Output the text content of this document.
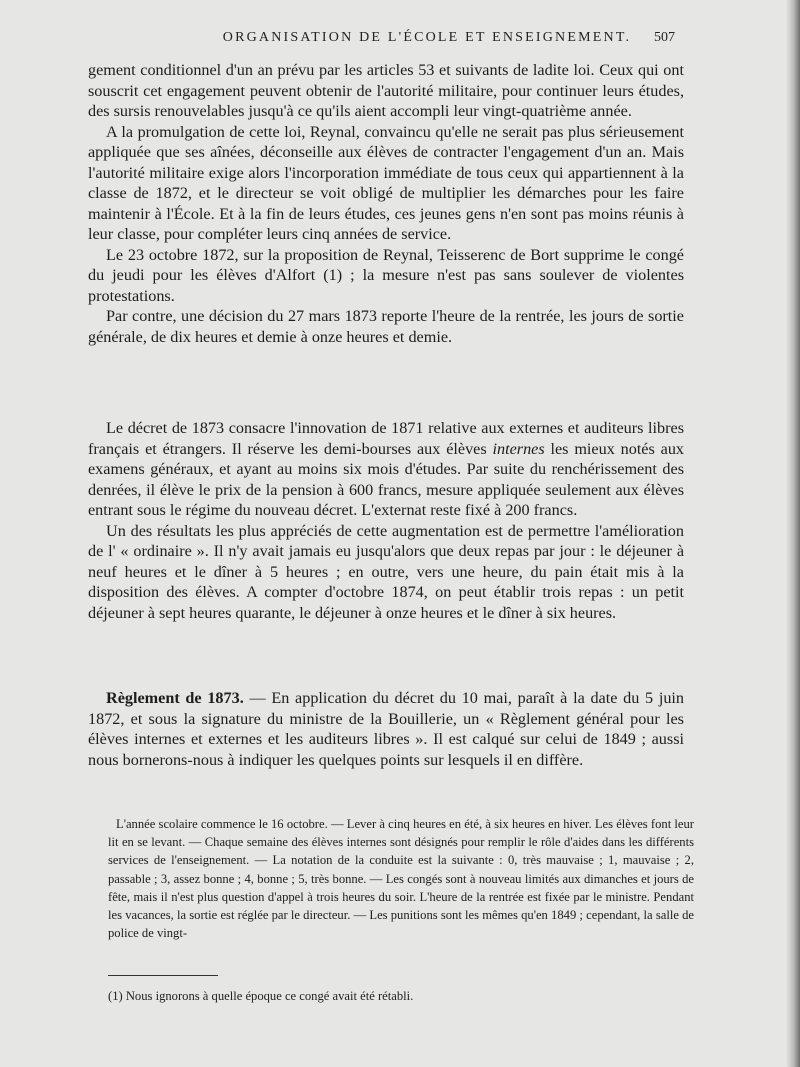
ORGANISATION DE L'ÉCOLE ET ENSEIGNEMENT.	507

gement conditionnel d'un an prévu par les articles 53 et suivants de ladite loi. Ceux qui ont souscrit cet engagement peuvent obtenir de l'autorité militaire, pour continuer leurs études, des sursis renouvelables jusqu'à ce qu'ils aient accompli leur vingt-quatrième année.

A la promulgation de cette loi, Reynal, convaincu qu'elle ne serait pas plus sérieusement appliquée que ses aînées, déconseille aux élèves de contracter l'engagement d'un an. Mais l'autorité militaire exige alors l'incorporation immédiate de tous ceux qui appartiennent à la classe de 1872, et le directeur se voit obligé de multiplier les démarches pour les faire maintenir à l'École. Et à la fin de leurs études, ces jeunes gens n'en sont pas moins réunis à leur classe, pour compléter leurs cinq années de service.

Le 23 octobre 1872, sur la proposition de Reynal, Teisserenc de Bort supprime le congé du jeudi pour les élèves d'Alfort (1) ; la mesure n'est pas sans soulever de violentes protestations.

Par contre, une décision du 27 mars 1873 reporte l'heure de la rentrée, les jours de sortie générale, de dix heures et demie à onze heures et demie.

Le décret de 1873 consacre l'innovation de 1871 relative aux externes et auditeurs libres français et étrangers. Il réserve les demi-bourses aux élèves internes les mieux notés aux examens généraux, et ayant au moins six mois d'études. Par suite du renchérissement des denrées, il élève le prix de la pension à 600 francs, mesure appliquée seulement aux élèves entrant sous le régime du nouveau décret. L'externat reste fixé à 200 francs.

Un des résultats les plus appréciés de cette augmentation est de permettre l'amélioration de l' « ordinaire ». Il n'y avait jamais eu jusqu'alors que deux repas par jour : le déjeuner à neuf heures et le dîner à 5 heures ; en outre, vers une heure, du pain était mis à la disposition des élèves. A compter d'octobre 1874, on peut établir trois repas : un petit déjeuner à sept heures quarante, le déjeuner à onze heures et le dîner à six heures.

Règlement de 1873. — En application du décret du 10 mai, paraît à la date du 5 juin 1872, et sous la signature du ministre de la Bouillerie, un « Règlement général pour les élèves internes et externes et les auditeurs libres ». Il est calqué sur celui de 1849 ; aussi nous bornerons-nous à indiquer les quelques points sur lesquels il en diffère.

L'année scolaire commence le 16 octobre. — Lever à cinq heures en été, à six heures en hiver. Les élèves font leur lit en se levant. — Chaque semaine des élèves internes sont désignés pour remplir le rôle d'aides dans les différents services de l'enseignement. — La notation de la conduite est la suivante : 0, très mauvaise ; 1, mauvaise ; 2, passable ; 3, assez bonne ; 4, bonne ; 5, très bonne. — Les congés sont à nouveau limités aux dimanches et jours de fête, mais il n'est plus question d'appel à trois heures du soir. L'heure de la rentrée est fixée par le ministre. Pendant les vacances, la sortie est réglée par le directeur. — Les punitions sont les mêmes qu'en 1849 ; cependant, la salle de police de vingt-

(1) Nous ignorons à quelle époque ce congé avait été rétabli.
